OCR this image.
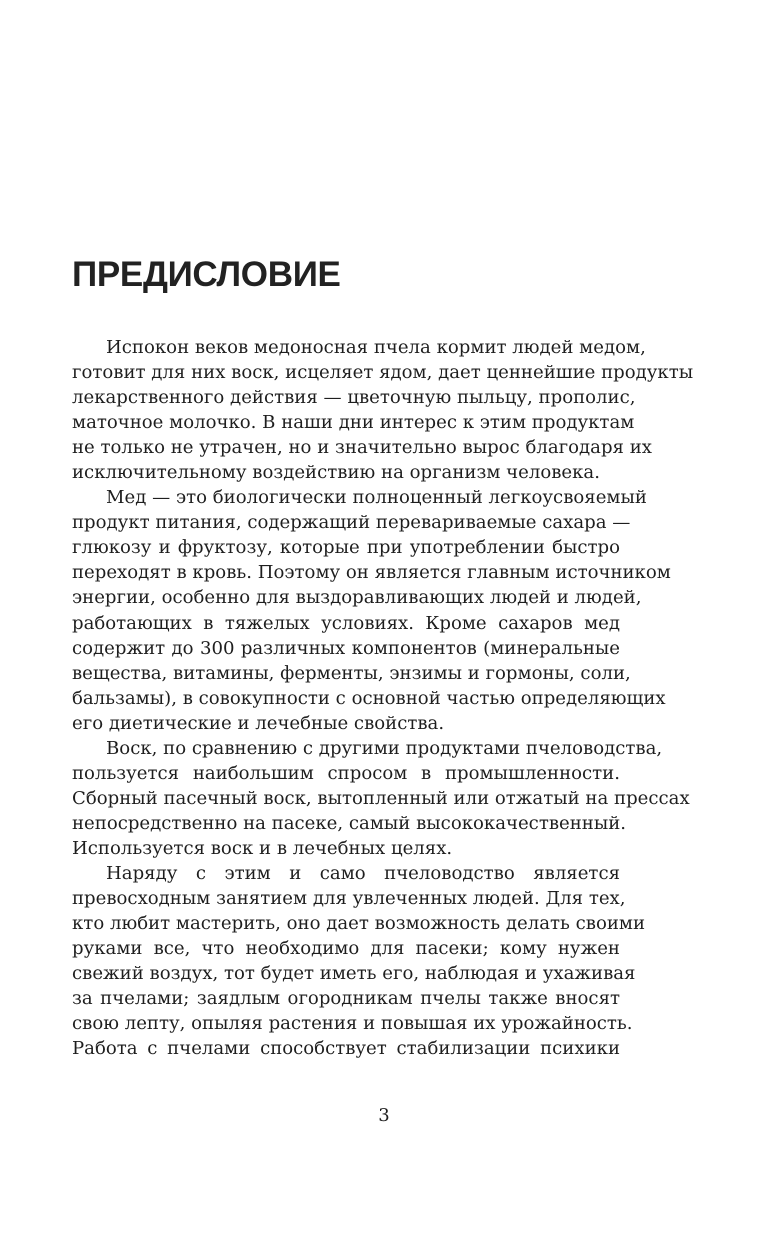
ПРЕДИСЛОВИЕ

Испокон веков медоносная пчела кормит людей медом,
готовит для них воск, исцеляет ядом, дает ценнейшие продукты
лекарственного действия — цветочную пыльцу, прополис,
маточное молочко. В наши дни интерес к этим продуктам
не только не утрачен, но и значительно вырос благодаря их
исключительному воздействию на организм человека.

Мед — это биологически полноценный легкоусвояемый
продукт питания, содержащий перевариваемые сахара —
глюкозу и фруктозу, которые при употреблении быстро
переходят в кровь. Поэтому он является главным источником
энергии, особенно для выздоравливающих людей и людей,
работающих в тяжелых условиях. Кроме сахаров мед
содержит до 300 различных компонентов (минеральные
вещества, витамины, ферменты, энзимы и гормоны, соли,
бальзамы), в совокупности с основной частью определяющих
его диетические и лечебные свойства.

Воск, по сравнению с другими продуктами пчеловодства,
пользуется наибольшим спросом в промышленности.
Сборный пасечный воск, вытопленный или отжатый на прессах
непосредственно на пасеке, самый высококачественный.
Используется воск и в лечебных целях.

Наряду с этим и само пчеловодство является
превосходным занятием для увлеченных людей. Для тех,
кто любит мастерить, оно дает возможность делать своими
руками все, что необходимо для пасеки; кому нужен
свежий воздух, тот будет иметь его, наблюдая и ухаживая
за пчелами; заядлым огородникам пчелы также вносят
свою лепту, опыляя растения и повышая их урожайность.
Работа с пчелами способствует стабилизации психики

3
